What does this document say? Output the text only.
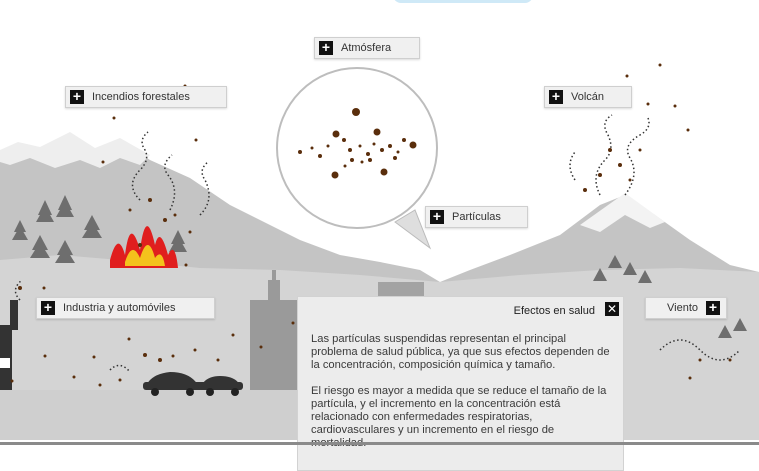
+
Atmósfera
+
Incendios forestales
+	Volcán
+
Partículas
+
Industria y automóviles	Viento
+
Efectos en salud
✕

Las partículas suspendidas representan el principal problema de salud pública, ya que sus efectos dependen de la concentración, composición química y tamaño.

El riesgo es mayor a medida que se reduce el tamaño de la partícula, y el incremento en la concentración está relacionado con enfermedades respiratorias, cardiovasculares y un incremento en el riesgo de
